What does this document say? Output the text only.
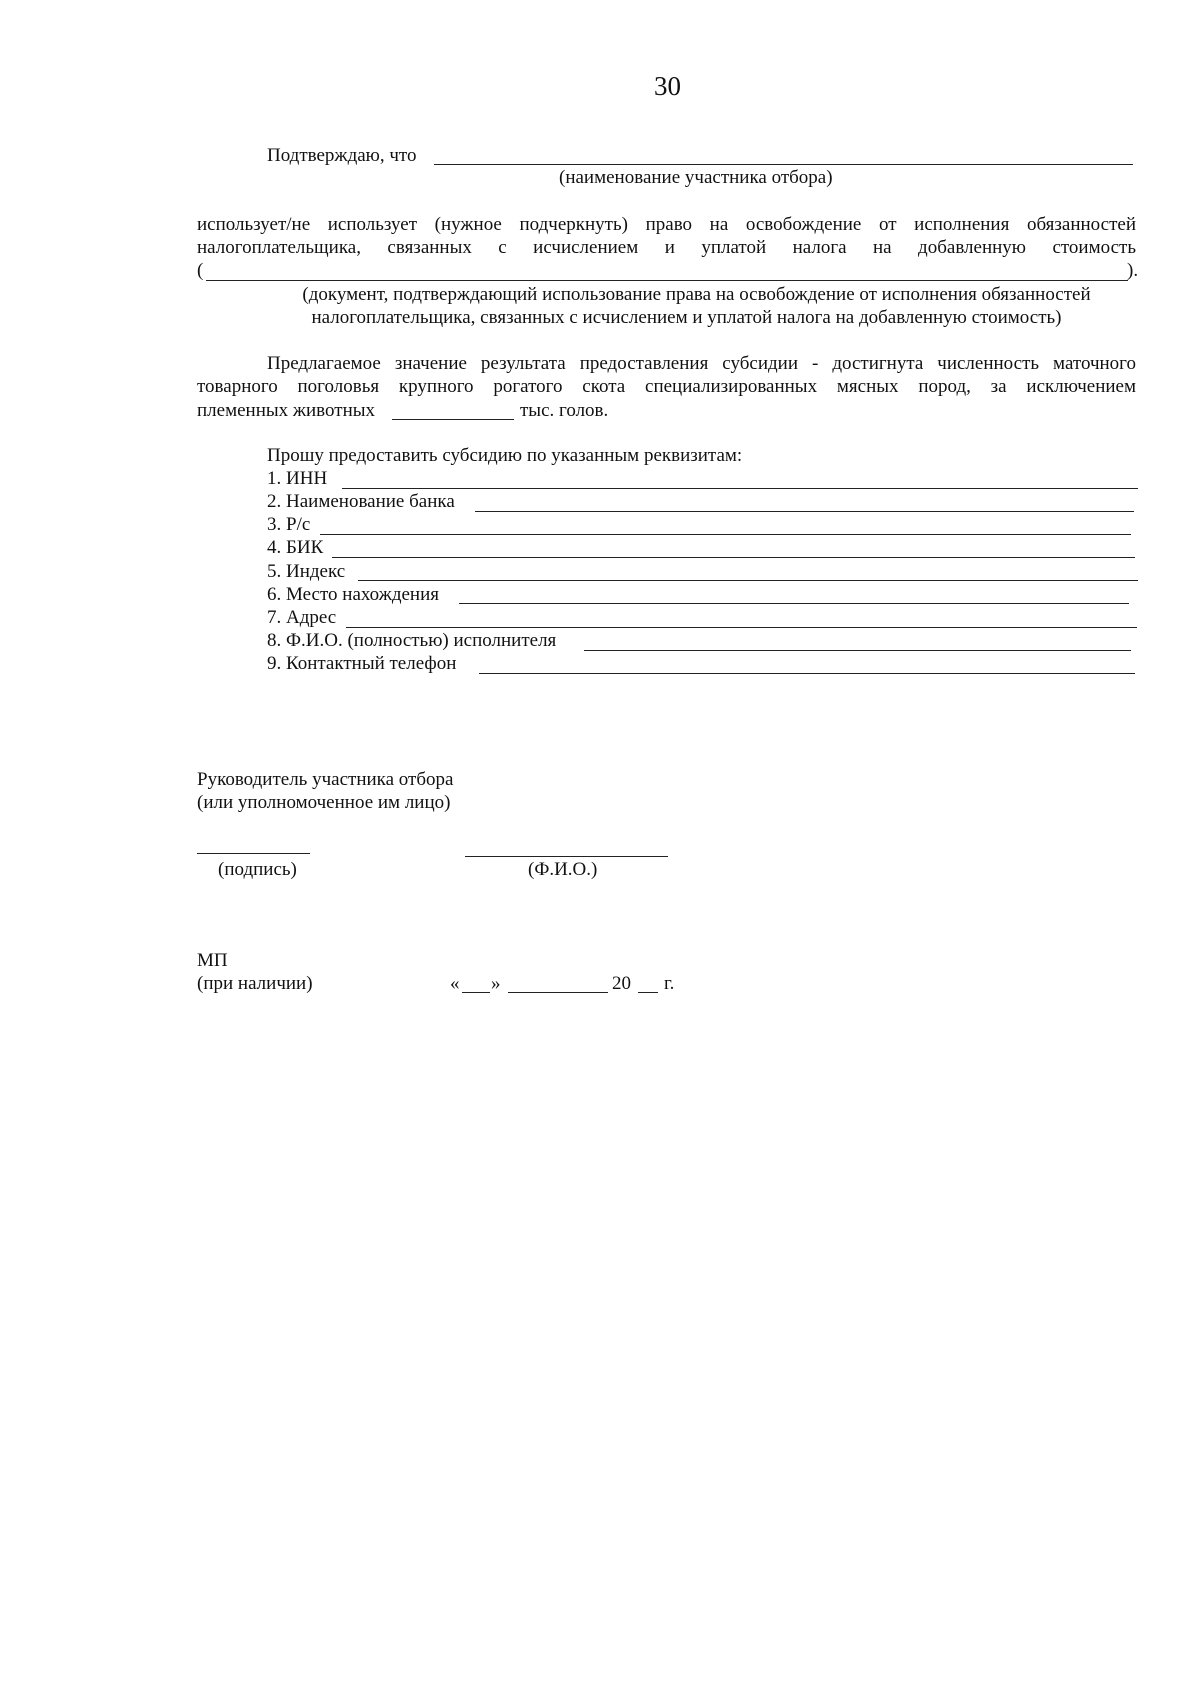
30
Подтверждаю, что
(наименование участника отбора)
использует/не использует (нужное подчеркнуть) право на освобождение от исполнения обязанностей
налогоплательщика, связанных с исчислением и уплатой налога на добавленную стоимость
(	).
(документ, подтверждающий использование права на освобождение от исполнения обязанностей
налогоплательщика, связанных с исчислением и уплатой налога на добавленную стоимость)
Предлагаемое значение результата предоставления субсидии - достигнута численность маточного
товарного поголовья крупного рогатого скота специализированных мясных пород, за исключением
племенных животных	тыс. голов.
Прошу предоставить субсидию по указанным реквизитам:
1. ИНН
2. Наименование банка
3. Р/с
4. БИК
5. Индекс
6. Место нахождения
7. Адрес
8. Ф.И.О. (полностью) исполнителя
9. Контактный телефон
Руководитель участника отбора
(или уполномоченное им лицо)
(подпись)	(Ф.И.О.)
МП
(при наличии)	« »	20 г.
